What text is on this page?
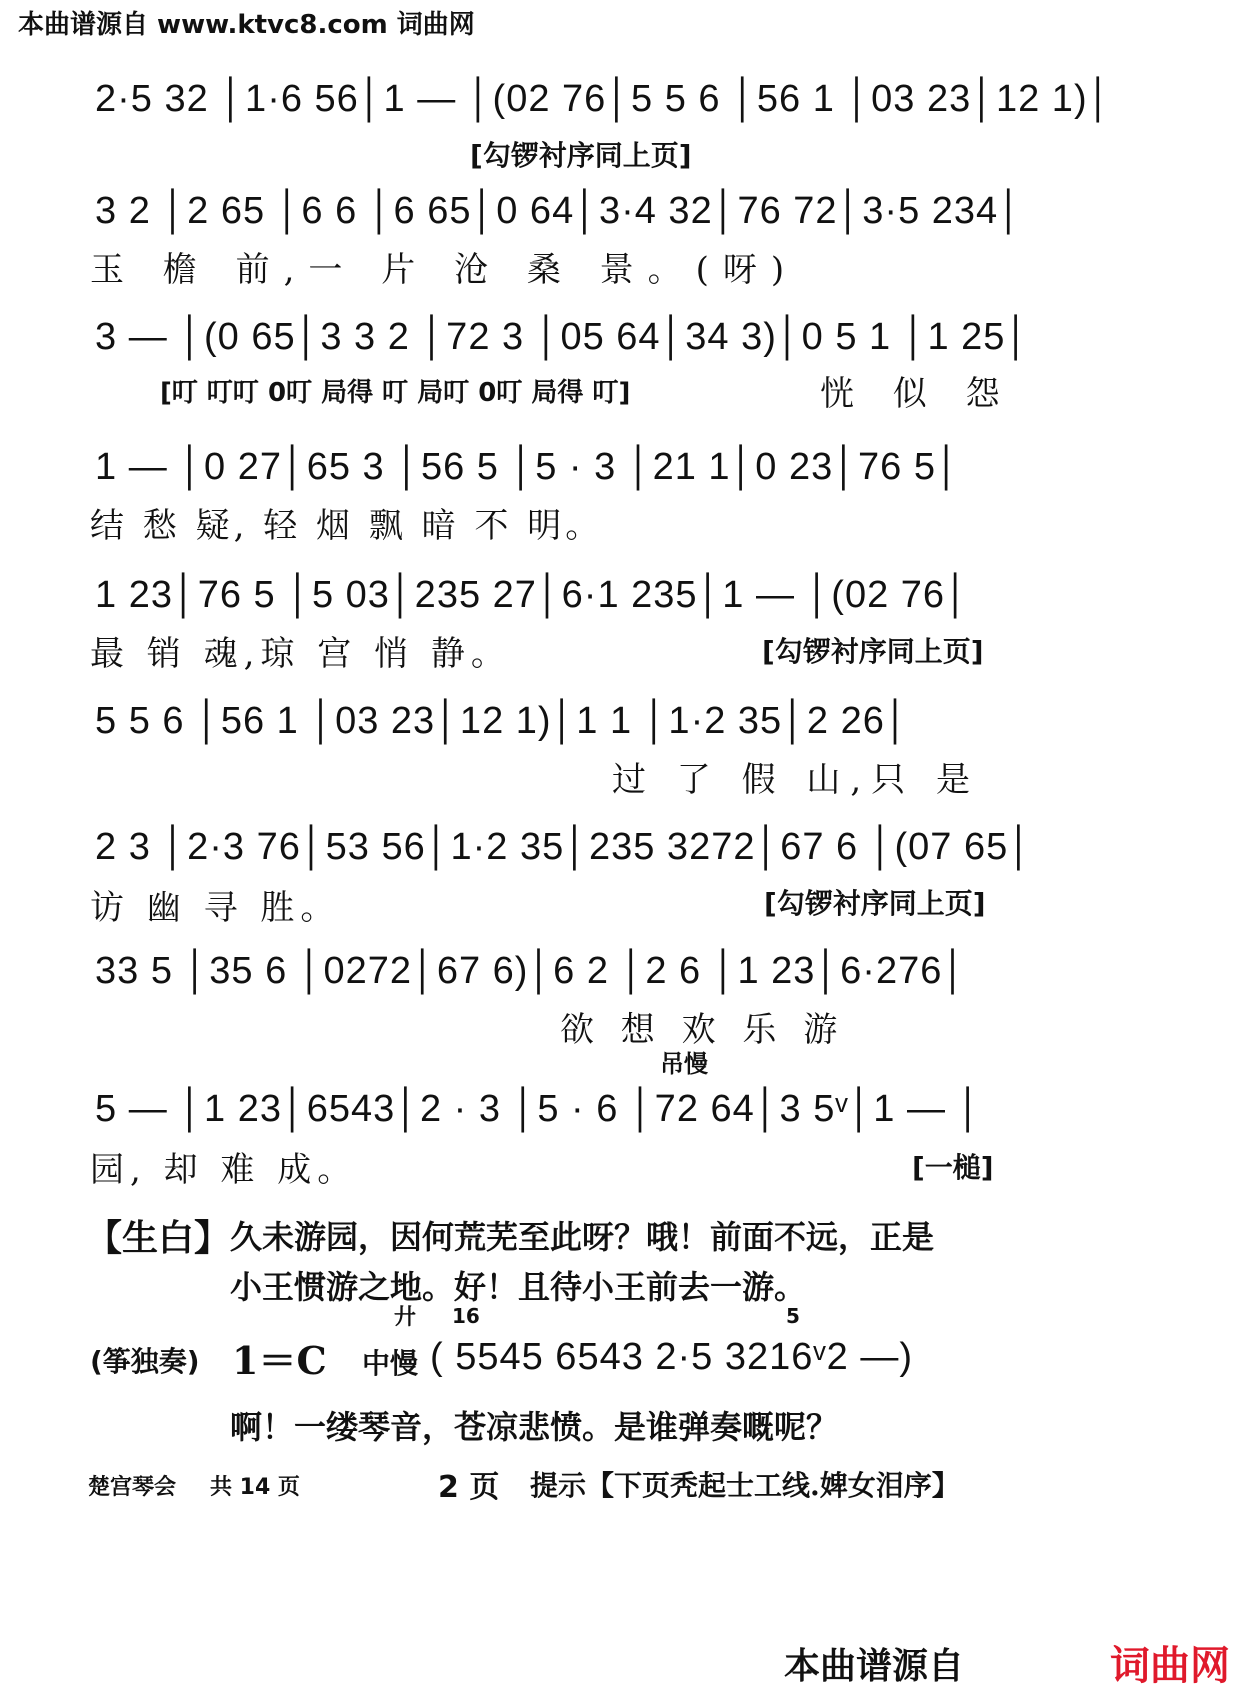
本曲谱源自 www.ktvc8.com 词曲网
2·5 32 │1·6 56│1 — │(02 76│5 5 6 │56 1 │03 23│12 1)│
[勾锣衬序同上页]
3 2 │2 65 │6 6 │6 65│0 64│3·4 32│76 72│3·5 234│
玉 檐 前,一 片 沧 桑 景。(呀)
3 — │(0 65│3 3 2 │72 3 │05 64│34 3)│0 5 1 │1 25│
[叮 叮叮 0叮 局得 叮 局叮 0叮 局得 叮]	恍 似 怨
1 — │0 27│65 3 │56 5 │5 · 3 │21 1│0 23│76 5│
结 愁 疑, 轻 烟 飘 暗 不 明。
1 23│76 5 │5 03│235 27│6·1 235│1 — │(02 76│
最 销 魂,琼 宫 悄 静。	[勾锣衬序同上页]
5 5 6 │56 1 │03 23│12 1)│1 1 │1·2 35│2 26│
过 了 假 山,只 是
2 3 │2·3 76│53 56│1·2 35│235 3272│67 6 │(07 65│
访 幽 寻 胜。	[勾锣衬序同上页]
33 5 │35 6 │0272│67 6)│6 2 │2 6 │1 23│6·276│
欲 想 欢 乐 游
吊慢
5 — │1 23│6543│2 · 3 │5 · 6 │72 64│3 5ᵛ│1 — │
园, 却 难 成。	[一槌]
【生白】 久未游园，因何荒芜至此呀？哦！前面不远，正是
小王惯游之地。好！且待小王前去一游。
(筝独奏) 1＝C
廾
中慢
16	5
( 5545 6543 2·5 3216ᵛ2 —)
啊！一缕琴音，苍凉悲愤。是谁弹奏嘅呢？
楚宫琴会 共 14 页	2 页 提示【下页秃起士工线.婢女泪序】
本曲谱源自	词曲网
